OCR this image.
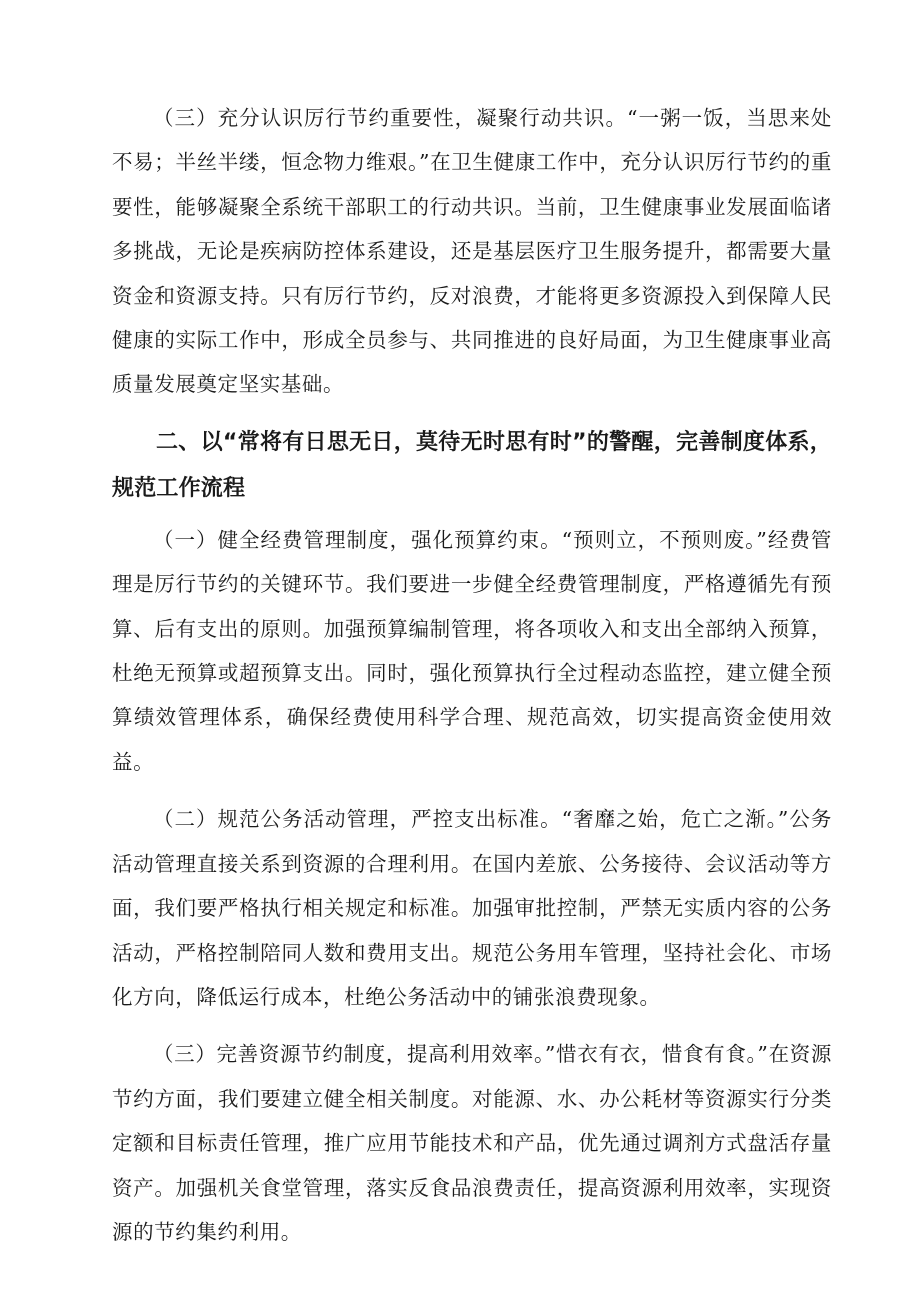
（三）充分认识厉行节约重要性，凝聚行动共识。“一粥一饭，当思来处不易；半丝半缕，恒念物力维艰。”在卫生健康工作中，充分认识厉行节约的重要性，能够凝聚全系统干部职工的行动共识。当前，卫生健康事业发展面临诸多挑战，无论是疾病防控体系建设，还是基层医疗卫生服务提升，都需要大量资金和资源支持。只有厉行节约，反对浪费，才能将更多资源投入到保障人民健康的实际工作中，形成全员参与、共同推进的良好局面，为卫生健康事业高质量发展奠定坚实基础。

二、以“常将有日思无日，莫待无时思有时”的警醒，完善制度体系，规范工作流程

（一）健全经费管理制度，强化预算约束。“预则立，不预则废。”经费管理是厉行节约的关键环节。我们要进一步健全经费管理制度，严格遵循先有预算、后有支出的原则。加强预算编制管理，将各项收入和支出全部纳入预算，杜绝无预算或超预算支出。同时，强化预算执行全过程动态监控，建立健全预算绩效管理体系，确保经费使用科学合理、规范高效，切实提高资金使用效益。

（二）规范公务活动管理，严控支出标准。“奢靡之始，危亡之渐。”公务活动管理直接关系到资源的合理利用。在国内差旅、公务接待、会议活动等方面，我们要严格执行相关规定和标准。加强审批控制，严禁无实质内容的公务活动，严格控制陪同人数和费用支出。规范公务用车管理，坚持社会化、市场化方向，降低运行成本，杜绝公务活动中的铺张浪费现象。

（三）完善资源节约制度，提高利用效率。”惜衣有衣，惜食有食。”在资源节约方面，我们要建立健全相关制度。对能源、水、办公耗材等资源实行分类定额和目标责任管理，推广应用节能技术和产品，优先通过调剂方式盘活存量资产。加强机关食堂管理，落实反食品浪费责任，提高资源利用效率，实现资源的节约集约利用。
